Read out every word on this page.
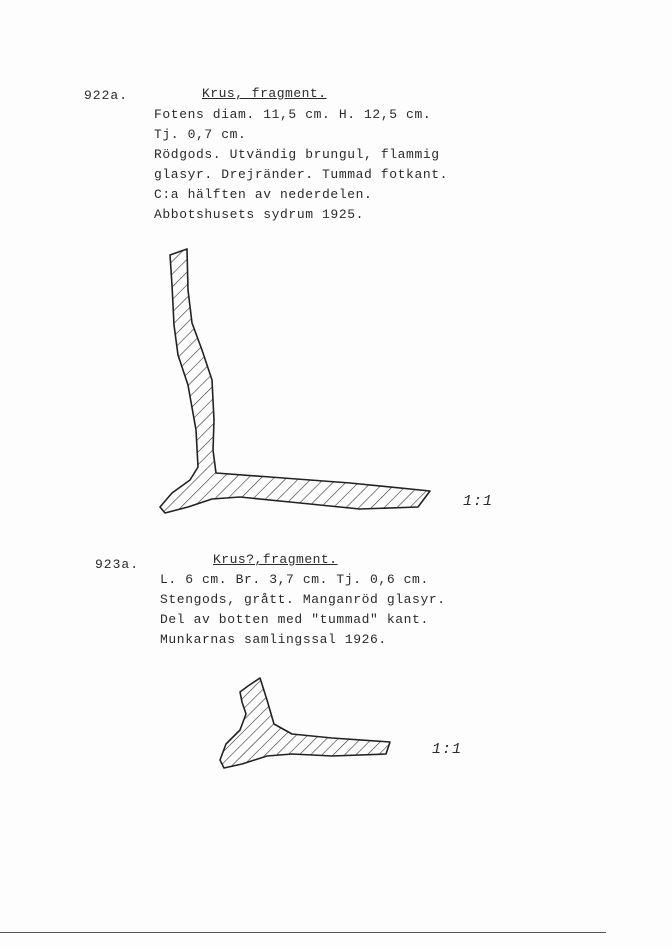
922a.	Krus, fragment.
Fotens diam. 11,5 cm. H. 12,5 cm.
Tj. 0,7 cm.
Rödgods. Utvändig brungul, flammig
glasyr. Drejränder. Tummad fotkant.
C:a hälften av nederdelen.
Abbotshusets sydrum 1925.
1:1
923a.	Krus?,fragment.
L. 6 cm. Br. 3,7 cm. Tj. 0,6 cm.
Stengods, grått. Manganröd glasyr.
Del av botten med "tummad" kant.
Munkarnas samlingssal 1926.
1:1
